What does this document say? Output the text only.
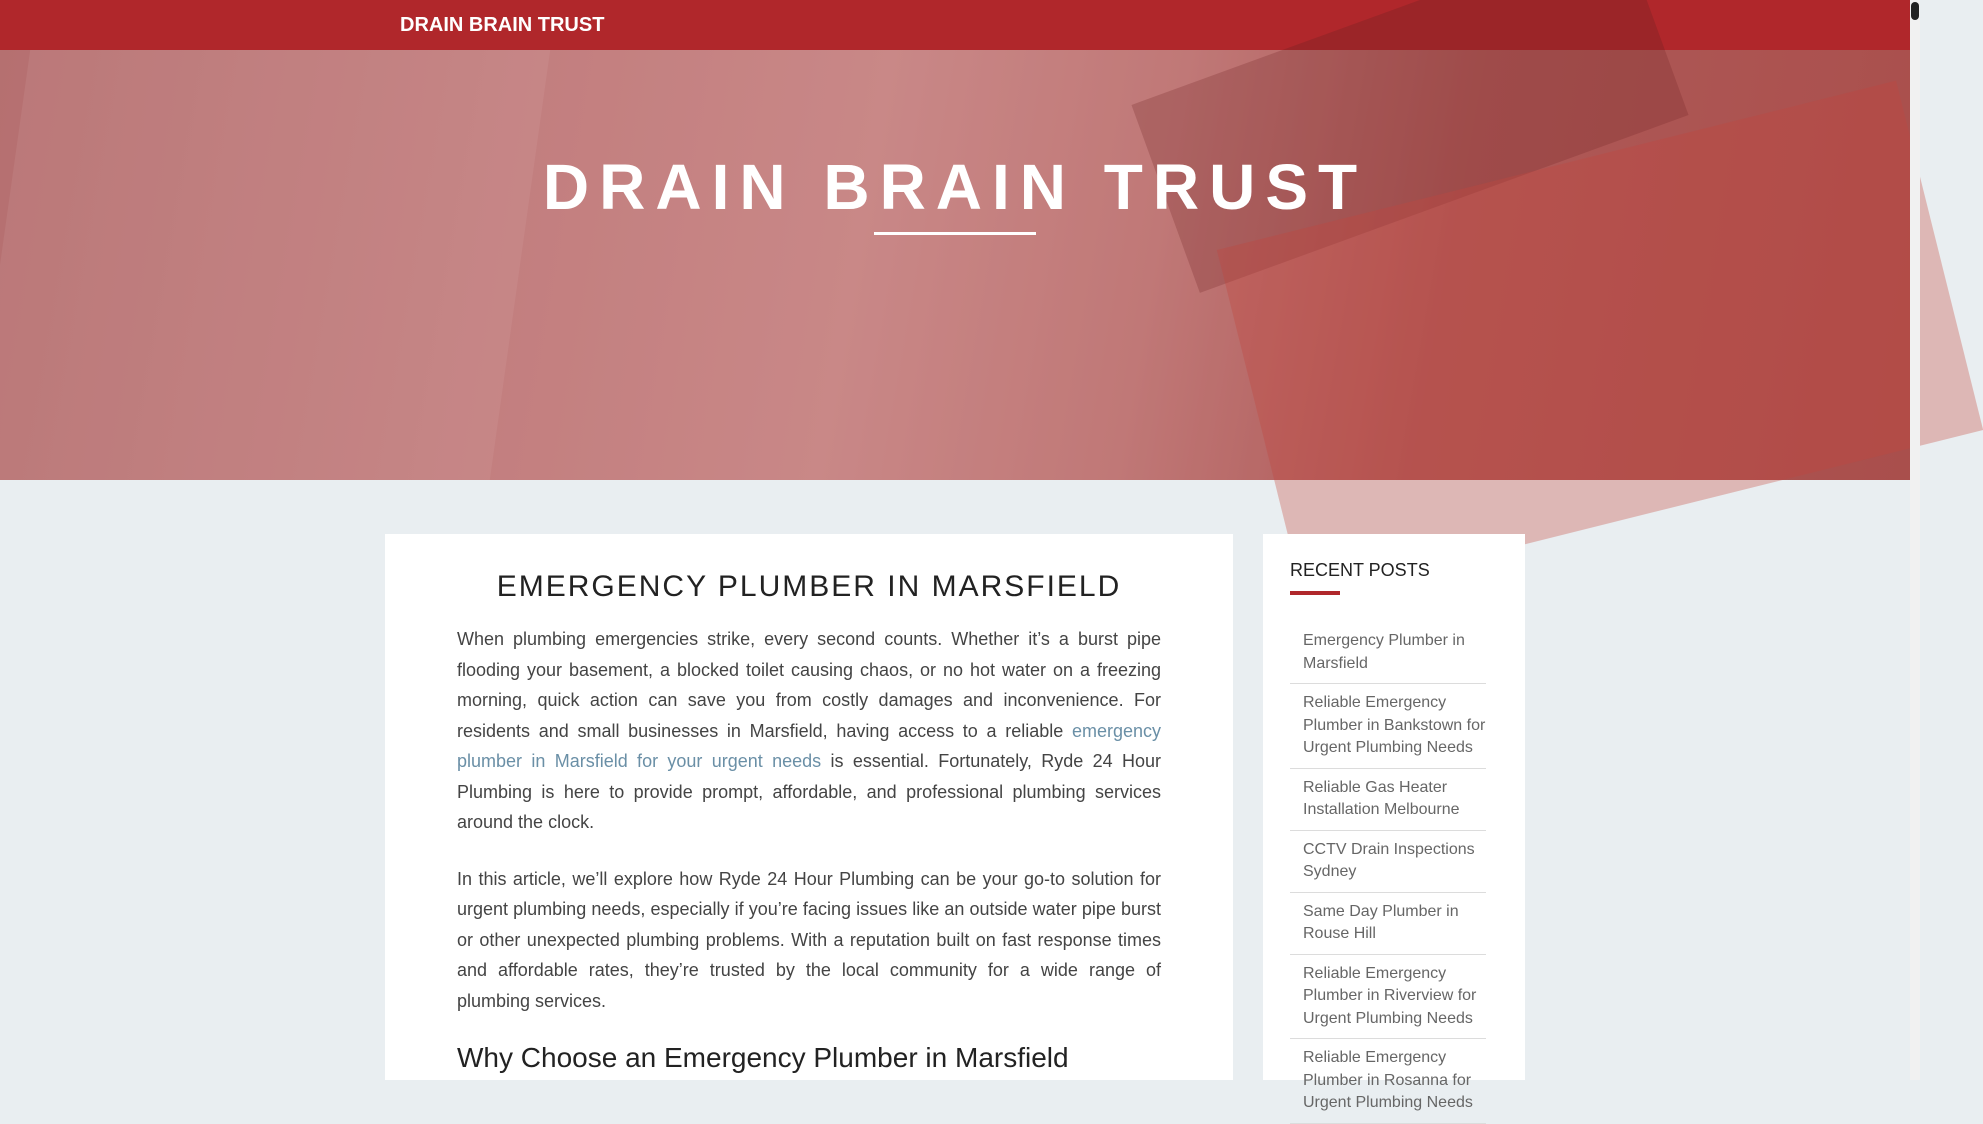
DRAIN BRAIN TRUST
DRAIN BRAIN TRUST
EMERGENCY PLUMBER IN MARSFIELD

When plumbing emergencies strike, every second counts. Whether it’s a burst pipe flooding your basement, a blocked toilet causing chaos, or no hot water on a freezing morning, quick action can save you from costly damages and inconvenience. For residents and small businesses in Marsfield, having access to a reliable emergency plumber in Marsfield for your urgent needs is essential. Fortunately, Ryde 24 Hour Plumbing is here to provide prompt, affordable, and professional plumbing services around the clock.

In this article, we’ll explore how Ryde 24 Hour Plumbing can be your go-to solution for urgent plumbing needs, especially if you’re facing issues like an outside water pipe burst or other unexpected plumbing problems. With a reputation built on fast response times and affordable rates, they’re trusted by the local community for a wide range of plumbing services.

Why Choose an Emergency Plumber in Marsfield
RECENT POSTS
Emergency Plumber in Marsfield
Reliable Emergency Plumber in Bankstown for Urgent Plumbing Needs
Reliable Gas Heater Installation Melbourne
CCTV Drain Inspections Sydney
Same Day Plumber in Rouse Hill
Reliable Emergency Plumber in Riverview for Urgent Plumbing Needs
Reliable Emergency Plumber in Rosanna for Urgent Plumbing Needs
